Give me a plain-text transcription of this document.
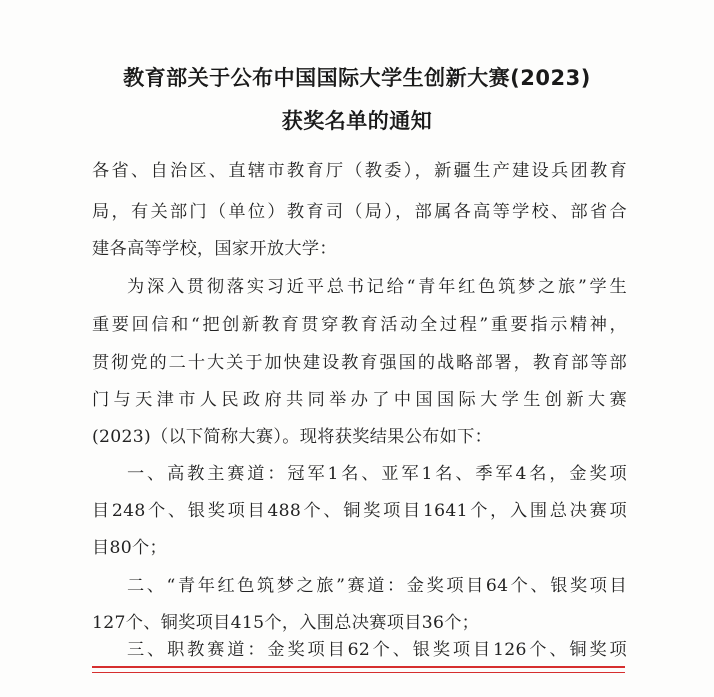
教育部关于公布中国国际大学生创新大赛(2023)
获奖名单的通知
各省、自治区、直辖市教育厅（教委），新疆生产建设兵团教育
局，有关部门（单位）教育司（局），部属各高等学校、部省合
建各高等学校，国家开放大学：
为深入贯彻落实习近平总书记给“青年红色筑梦之旅”学生
重要回信和“把创新教育贯穿教育活动全过程”重要指示精神，
贯彻党的二十大关于加快建设教育强国的战略部署，教育部等部
门与天津市人民政府共同举办了中国国际大学生创新大赛
(2023)（以下简称大赛）。现将获奖结果公布如下：
一、高教主赛道：冠军1名、亚军1名、季军4名，金奖项
目248个、银奖项目488个、铜奖项目1641个，入围总决赛项
目80个；
二、“青年红色筑梦之旅”赛道：金奖项目64个、银奖项目
127个、铜奖项目415个，入围总决赛项目36个；
三、职教赛道：金奖项目62个、银奖项目126个、铜奖项
